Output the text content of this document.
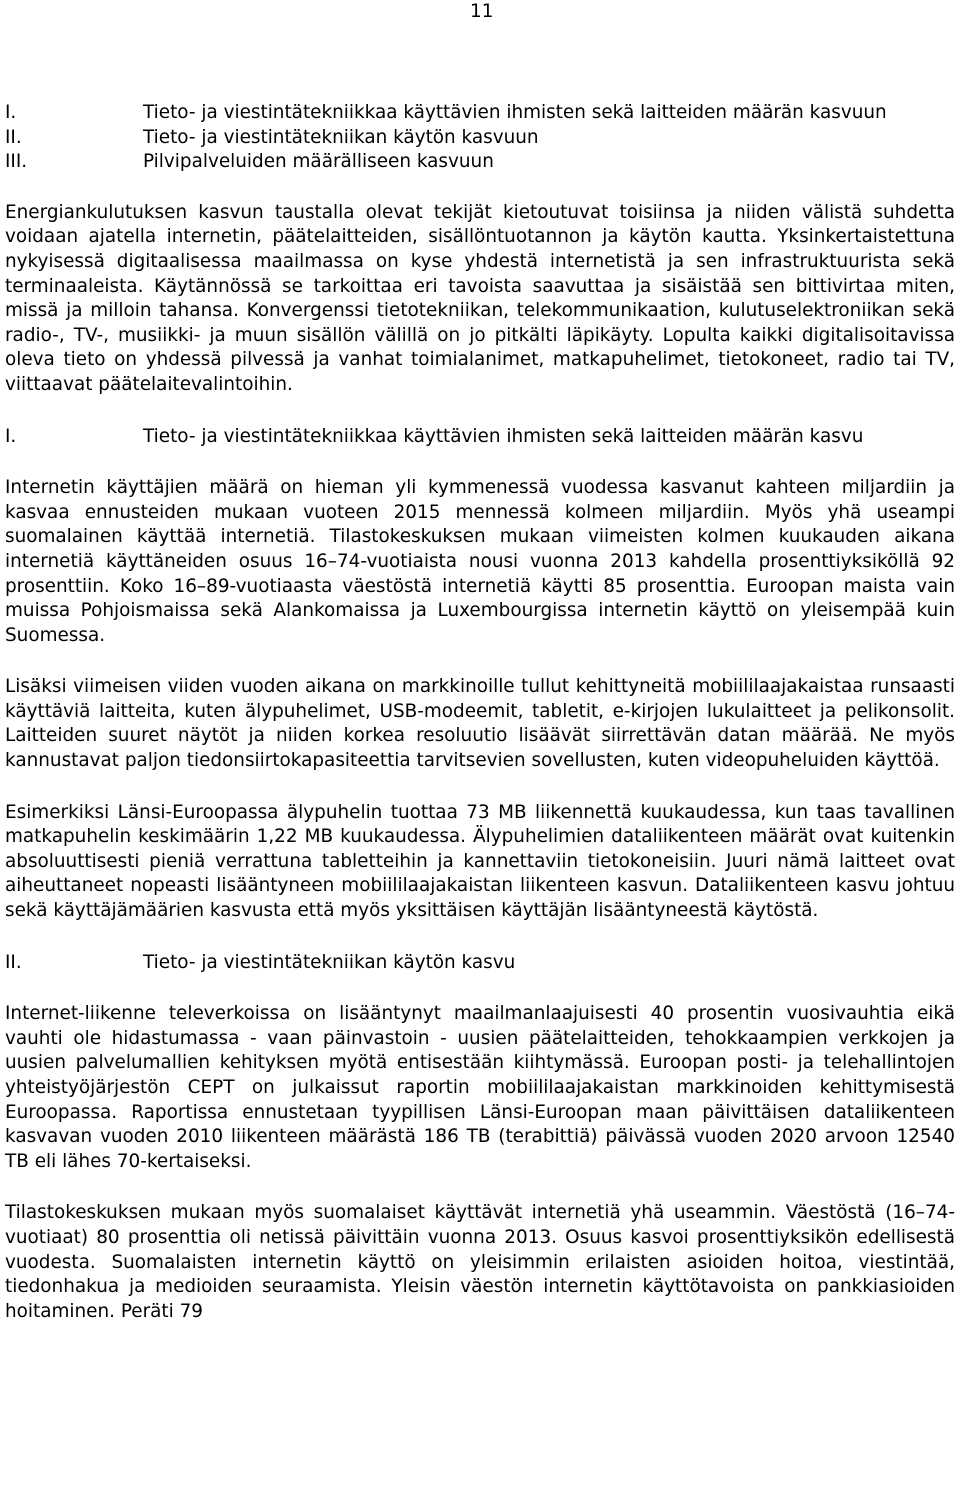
11
I.	Tieto- ja viestintätekniikkaa käyttävien ihmisten sekä laitteiden määrän kasvuun
II.	Tieto- ja viestintätekniikan käytön kasvuun
III.	Pilvipalveluiden määrälliseen kasvuun

Energiankulutuksen kasvun taustalla olevat tekijät kietoutuvat toisiinsa ja niiden välistä suhdetta voidaan ajatella internetin, päätelaitteiden, sisällöntuotannon ja käytön kautta. Yksinkertaistettuna nykyisessä digitaalisessa maailmassa on kyse yhdestä internetistä ja sen infrastruktuurista sekä terminaaleista. Käytännössä se tarkoittaa eri tavoista saavuttaa ja sisäistää sen bittivirtaa miten, missä ja milloin tahansa. Konvergenssi tietotekniikan, telekommunikaation, kulutuselektroniikan sekä radio-, TV-, musiikki- ja muun sisällön välillä on jo pitkälti läpikäyty. Lopulta kaikki digitalisoitavissa oleva tieto on yhdessä pilvessä ja vanhat toimialanimet, matkapuhelimet, tietokoneet, radio tai TV, viittaavat päätelaitevalintoihin.

I.	Tieto- ja viestintätekniikkaa käyttävien ihmisten sekä laitteiden määrän kasvu

Internetin käyttäjien määrä on hieman yli kymmenessä vuodessa kasvanut kahteen miljardiin ja kasvaa ennusteiden mukaan vuoteen 2015 mennessä kolmeen miljardiin. Myös yhä useampi suomalainen käyttää internetiä. Tilastokeskuksen mukaan viimeisten kolmen kuukauden aikana internetiä käyttäneiden osuus 16–74-vuotiaista nousi vuonna 2013 kahdella prosenttiyksiköllä 92 prosenttiin. Koko 16–89-vuotiaasta väestöstä internetiä käytti 85 prosenttia. Euroopan maista vain muissa Pohjoismaissa sekä Alankomaissa ja Luxembourgissa internetin käyttö on yleisempää kuin Suomessa.

Lisäksi viimeisen viiden vuoden aikana on markkinoille tullut kehittyneitä mobiililaajakaistaa runsaasti käyttäviä laitteita, kuten älypuhelimet, USB-modeemit, tabletit, e-kirjojen lukulaitteet ja pelikonsolit. Laitteiden suuret näytöt ja niiden korkea resoluutio lisäävät siirrettävän datan määrää. Ne myös kannustavat paljon tiedonsiirtokapasiteettia tarvitsevien sovellusten, kuten videopuheluiden käyttöä.

Esimerkiksi Länsi-Euroopassa älypuhelin tuottaa 73 MB liikennettä kuukaudessa, kun taas tavallinen matkapuhelin keskimäärin 1,22 MB kuukaudessa. Älypuhelimien dataliikenteen määrät ovat kuitenkin absoluuttisesti pieniä verrattuna tabletteihin ja kannettaviin tietokoneisiin. Juuri nämä laitteet ovat aiheuttaneet nopeasti lisääntyneen mobiililaajakaistan liikenteen kasvun. Dataliikenteen kasvu johtuu sekä käyttäjämäärien kasvusta että myös yksittäisen käyttäjän lisääntyneestä käytöstä.

II.	Tieto- ja viestintätekniikan käytön kasvu

Internet-liikenne televerkoissa on lisääntynyt maailmanlaajuisesti 40 prosentin vuosivauhtia eikä vauhti ole hidastumassa - vaan päinvastoin - uusien päätelaitteiden, tehokkaampien verkkojen ja uusien palvelumallien kehityksen myötä entisestään kiihtymässä. Euroopan posti- ja telehallintojen yhteistyöjärjestön CEPT on julkaissut raportin mobiililaajakaistan markkinoiden kehittymisestä Euroopassa. Raportissa ennustetaan tyypillisen Länsi-Euroopan maan päivittäisen dataliikenteen kasvavan vuoden 2010 liikenteen määrästä 186 TB (terabittiä) päivässä vuoden 2020 arvoon 12540 TB eli lähes 70-kertaiseksi.

Tilastokeskuksen mukaan myös suomalaiset käyttävät internetiä yhä useammin. Väestöstä (16–74-vuotiaat) 80 prosenttia oli netissä päivittäin vuonna 2013. Osuus kasvoi prosenttiyksikön edellisestä vuodesta. Suomalaisten internetin käyttö on yleisimmin erilaisten asioiden hoitoa, viestintää, tiedonhakua ja medioiden seuraamista. Yleisin väestön internetin käyttötavoista on pankkiasioiden hoitaminen. Peräti 79
